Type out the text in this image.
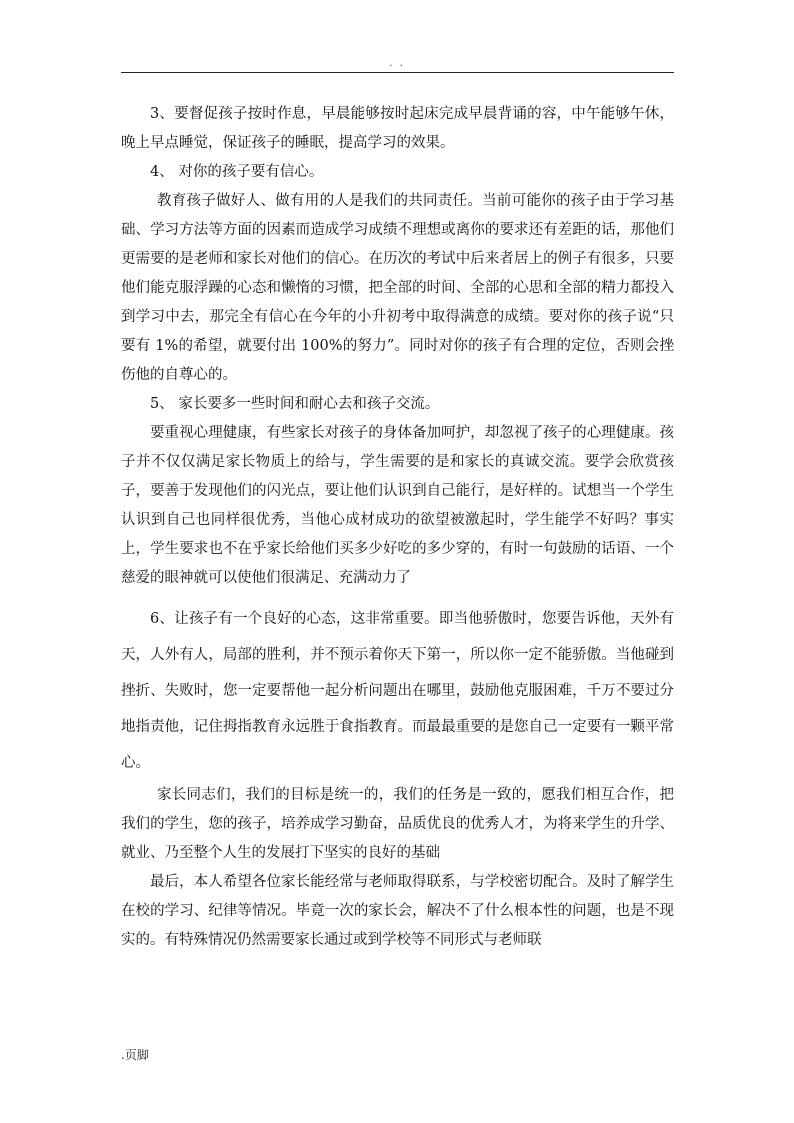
. .

3、要督促孩子按时作息，早晨能够按时起床完成早晨背诵的容，中午能够午休，晚上早点睡觉，保证孩子的睡眠，提高学习的效果。

4、 对你的孩子要有信心。

教育孩子做好人、做有用的人是我们的共同责任。当前可能你的孩子由于学习基础、学习方法等方面的因素而造成学习成绩不理想或离你的要求还有差距的话，那他们更需要的是老师和家长对他们的信心。在历次的考试中后来者居上的例子有很多，只要他们能克服浮躁的心态和懒惰的习惯，把全部的时间、全部的心思和全部的精力都投入到学习中去，那完全有信心在今年的小升初考中取得满意的成绩。要对你的孩子说“只要有 1%的希望，就要付出 100%的努力”。同时对你的孩子有合理的定位，否则会挫伤他的自尊心的。

5、 家长要多一些时间和耐心去和孩子交流。

要重视心理健康，有些家长对孩子的身体备加呵护，却忽视了孩子的心理健康。孩子并不仅仅满足家长物质上的给与，学生需要的是和家长的真诚交流。要学会欣赏孩子，要善于发现他们的闪光点，要让他们认识到自己能行，是好样的。试想当一个学生认识到自己也同样很优秀，当他心成材成功的欲望被激起时，学生能学不好吗？事实上，学生要求也不在乎家长给他们买多少好吃的多少穿的，有时一句鼓励的话语、一个慈爱的眼神就可以使他们很满足、充满动力了

6、让孩子有一个良好的心态，这非常重要。即当他骄傲时，您要告诉他，天外有天，人外有人，局部的胜利，并不预示着你天下第一，所以你一定不能骄傲。当他碰到挫折、失败时，您一定要帮他一起分析问题出在哪里，鼓励他克服困难，千万不要过分地指责他，记住拇指教育永远胜于食指教育。而最最重要的是您自己一定要有一颗平常心。

家长同志们，我们的目标是统一的，我们的任务是一致的，愿我们相互合作，把我们的学生，您的孩子，培养成学习勤奋，品质优良的优秀人才，为将来学生的升学、就业、乃至整个人生的发展打下坚实的良好的基础

最后，本人希望各位家长能经常与老师取得联系，与学校密切配合。及时了解学生在校的学习、纪律等情况。毕竟一次的家长会，解决不了什么根本性的问题，也是不现实的。有特殊情况仍然需要家长通过或到学校等不同形式与老师联

.页脚
